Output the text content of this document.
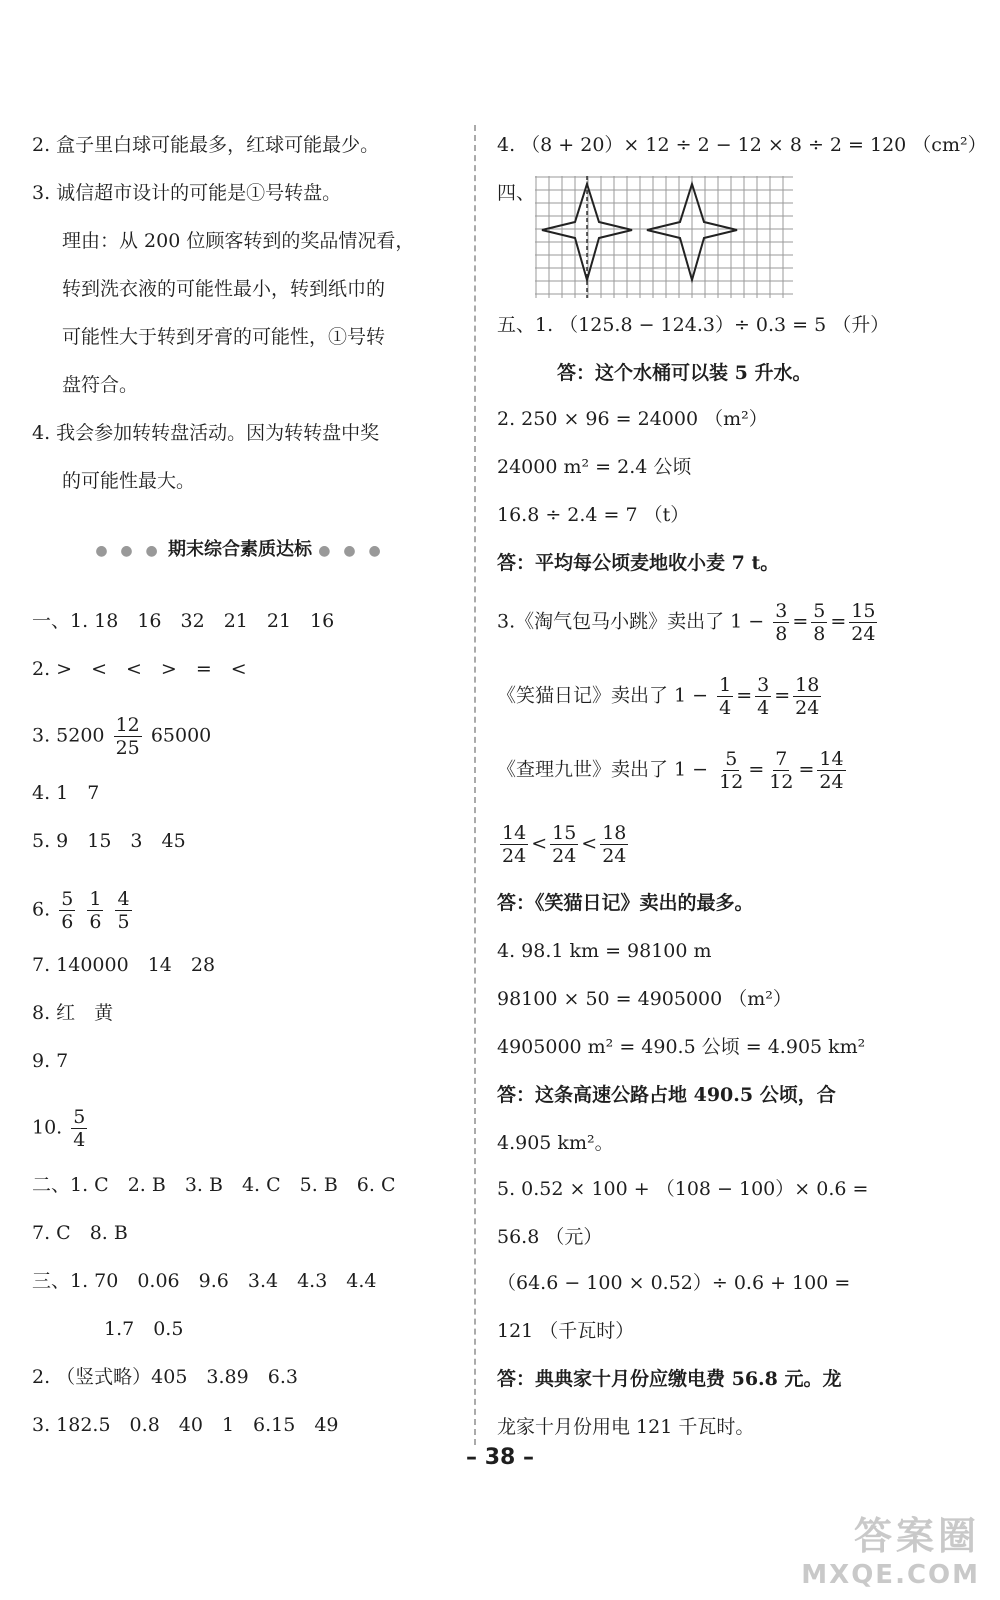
2. 盒子里白球可能最多，红球可能最少。
3. 诚信超市设计的可能是①号转盘。
理由：从 200 位顾客转到的奖品情况看，
转到洗衣液的可能性最小，转到纸巾的
可能性大于转到牙膏的可能性，①号转
盘符合。
4. 我会参加转转盘活动。因为转转盘中奖
的可能性最大。
● ● ● 期末综合素质达标 ● ● ●
一、1. 18　16　32　21　21　16
2. >　<　<　>　=　<
3. $5200 \frac{12}{25} 65000$
4. 1　7
5. 9　15　3　45
6. $\frac{5}{6}$
$\frac{1}{6}$
$\frac{4}{5}$
7. 140000　14　28
8. 红　黄
9. 7
10. $\frac{5}{4}$
二、1. C　2. B　3. B　4. C　5. B　6. C
7. C　8. B
三、1. 70　0.06　9.6　3.4　4.3　4.4
1.7　0.5
2. （竖式略）405　3.89　6.3
3. 182.5　0.8　40　1　6.15　49
4. （8 + 20）× 12 ÷ 2 − 12 × 8 ÷ 2 = 120 （cm²）
四、
五、1. （125.8 − 124.3）÷ 0.3 = 5 （升）
答：这个水桶可以装 5 升水。
2. 250 × 96 = 24000 （m²）
24000 m² = 2.4 公顷
16.8 ÷ 2.4 = 7 （t）
答：平均每公顷麦地收小麦 7 t。
3.《淘气包马小跳》卖出了 $1 - \frac{3}{8} = \frac{5}{8} = \frac{15}{24}$
《笑猫日记》卖出了 $1 - \frac{1}{4} = \frac{3}{4} = \frac{18}{24}$
《查理九世》卖出了 $1 - \frac{5}{12} = \frac{7}{12} = \frac{14}{24}$
$\frac{14}{24} < \frac{15}{24} < \frac{18}{24}$
答：《笑猫日记》卖出的最多。
4. 98.1 km = 98100 m
98100 × 50 = 4905000 （m²）
4905000 m² = 490.5 公顷 = 4.905 km²
答：这条高速公路占地 490.5 公顷，合
4.905 km²。
5. 0.52 × 100 + （108 − 100）× 0.6 =
56.8 （元）
（64.6 − 100 × 0.52）÷ 0.6 + 100 =
121 （千瓦时）
答：典典家十月份应缴电费 56.8 元。龙
龙家十月份用电 121 千瓦时。
– 38 –
答案圈
MXQE.COM
